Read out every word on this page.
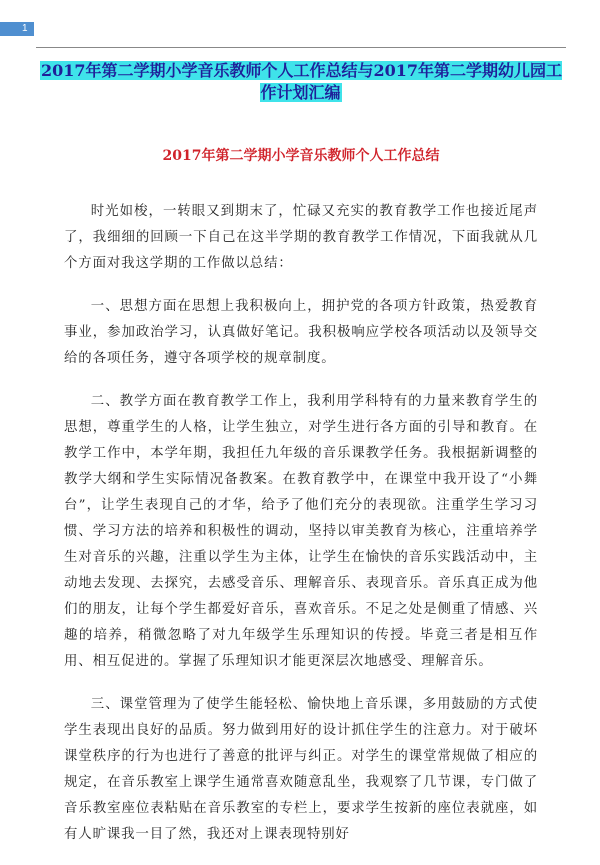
1
2017年第二学期小学音乐教师个人工作总结与2017年第二学期幼儿园工作计划汇编
2017年第二学期小学音乐教师个人工作总结

时光如梭，一转眼又到期末了，忙碌又充实的教育教学工作也接近尾声了，我细细的回顾一下自己在这半学期的教育教学工作情况，下面我就从几个方面对我这学期的工作做以总结：

一、思想方面在思想上我积极向上，拥护党的各项方针政策，热爱教育事业，参加政治学习，认真做好笔记。我积极响应学校各项活动以及领导交给的各项任务，遵守各项学校的规章制度。

二、教学方面在教育教学工作上，我利用学科特有的力量来教育学生的思想，尊重学生的人格，让学生独立，对学生进行各方面的引导和教育。在教学工作中，本学年期，我担任九年级的音乐课教学任务。我根据新调整的教学大纲和学生实际情况备教案。在教育教学中，在课堂中我开设了“小舞台”，让学生表现自己的才华，给予了他们充分的表现欲。注重学生学习习惯、学习方法的培养和积极性的调动，坚持以审美教育为核心，注重培养学生对音乐的兴趣，注重以学生为主体，让学生在愉快的音乐实践活动中，主动地去发现、去探究，去感受音乐、理解音乐、表现音乐。音乐真正成为他们的朋友，让每个学生都爱好音乐，喜欢音乐。不足之处是侧重了情感、兴趣的培养，稍微忽略了对九年级学生乐理知识的传授。毕竟三者是相互作用、相互促进的。掌握了乐理知识才能更深层次地感受、理解音乐。

三、课堂管理为了使学生能轻松、愉快地上音乐课，多用鼓励的方式使学生表现出良好的品质。努力做到用好的设计抓住学生的注意力。对于破坏课堂秩序的行为也进行了善意的批评与纠正。对学生的课堂常规做了相应的规定，在音乐教室上课学生通常喜欢随意乱坐，我观察了几节课，专门做了音乐教室座位表粘贴在音乐教室的专栏上，要求学生按新的座位表就座，如有人旷课我一目了然，我还对上课表现特别好
